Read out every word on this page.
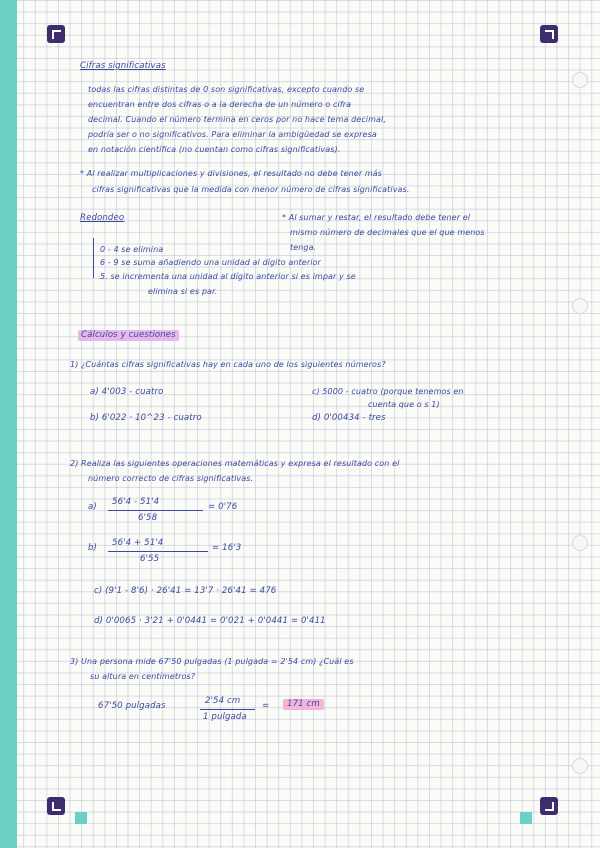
Cifras significativas
todas las cifras distintas de 0 son significativas, excepto cuando se
encuentran entre dos cifras o a la derecha de un número o cifra
decimal. Cuando el número termina en ceros por no hace tema decimal,
podría ser o no significativos. Para eliminar la ambigüedad se expresa
en notación científica (no cuentan como cifras significativas).
* Al realizar multiplicaciones y divisiones, el resultado no debe tener más
cifras significativas que la medida con menor número de cifras significativas.
Redondeo
0 - 4 se elimina
6 - 9 se suma añadiendo una unidad al dígito anterior
5. se incrementa una unidad al dígito anterior si es impar y se
elimina si es par.
* Al sumar y restar, el resultado debe tener el
mismo número de decimales que el que menos
tenga.
Cálculos y cuestiones
1) ¿Cuántas cifras significativas hay en cada uno de los siguientes números?
a) 4'003 - cuatro
b) 6'022 · 10^23 - cuatro
c) 5000 - cuatro (porque tenemos en
cuenta que o s 1)
d) 0'00434 - tres
2) Realiza las siguientes operaciones matemáticas y expresa el resultado con el
número correcto de cifras significativas.
a) 56'4 - 51'4
6'58
= 0'76
b) 56'4 + 51'4
6'55
= 16'3
c) (9'1 - 8'6) · 26'41 = 13'7 · 26'41 = 476
d) 0'0065 · 3'21 + 0'0441 = 0'021 + 0'0441 = 0'411
3) Una persona mide 67'50 pulgadas (1 pulgada = 2'54 cm) ¿Cuál es
su altura en centímetros?
67'50 pulgadas	2'54 cm
1 pulgada
=	171 cm
